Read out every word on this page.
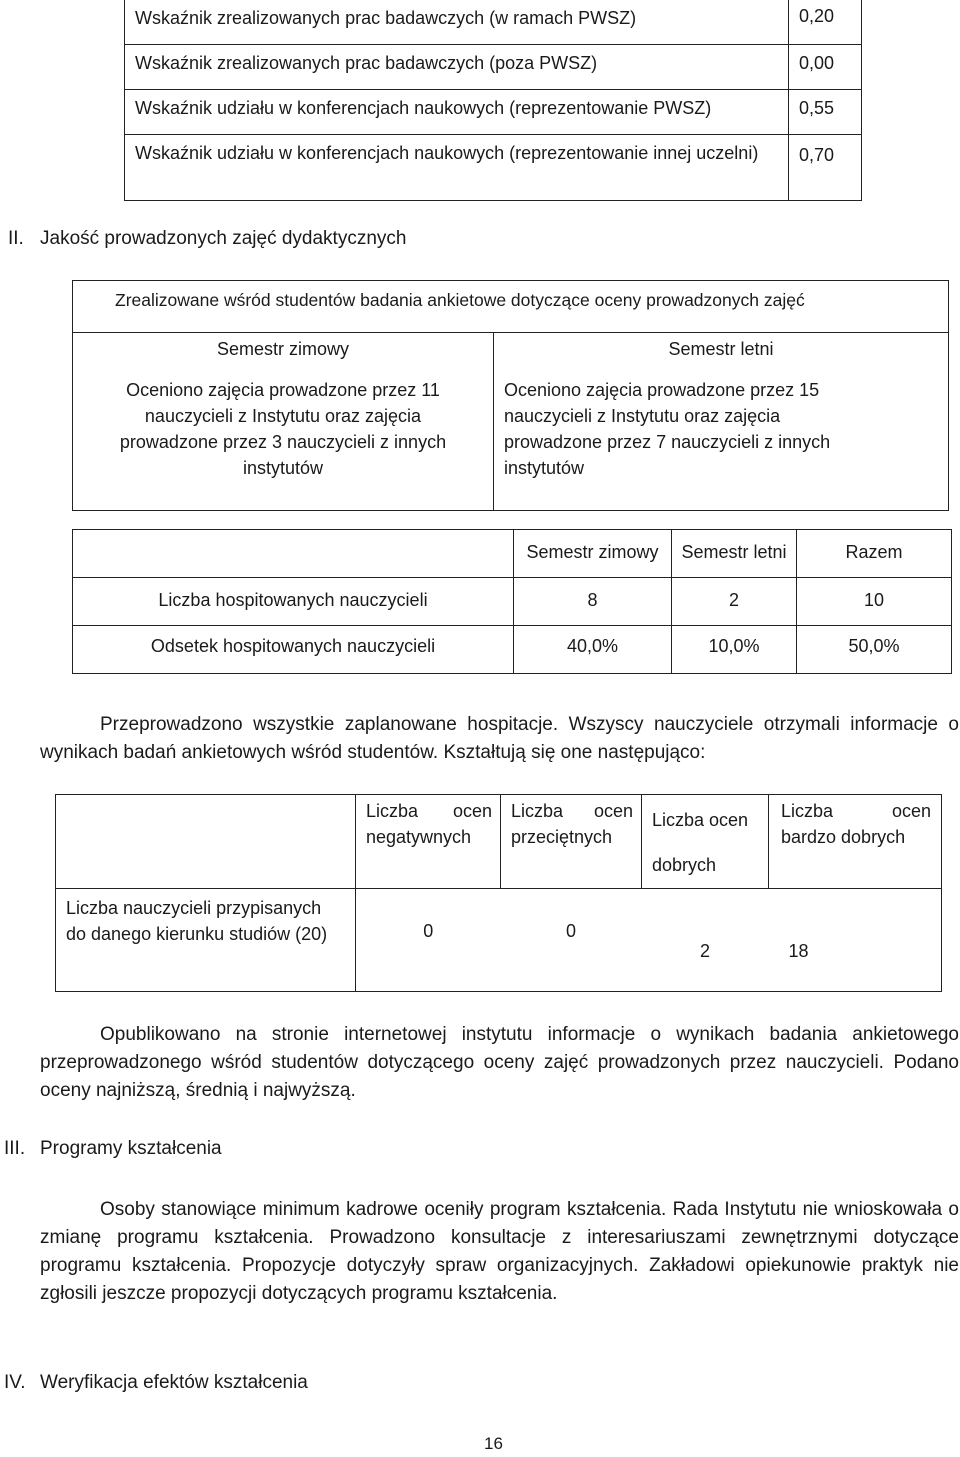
Wskaźnik zrealizowanych prac badawczych (w ramach PWSZ)	0,20
Wskaźnik zrealizowanych prac badawczych (poza PWSZ)	0,00
Wskaźnik udziału w konferencjach naukowych (reprezentowanie PWSZ)	0,55
Wskaźnik udziału w konferencjach naukowych (reprezentowanie innej uczelni)	0,70
II. Jakość prowadzonych zajęć dydaktycznych
Zrealizowane wśród studentów badania ankietowe dotyczące oceny prowadzonych zajęć	
Semestr zimowy	Semestr letni
Oceniono zajęcia prowadzone przez 11 nauczycieli z Instytutu oraz zajęcia prowadzone przez 3 nauczycieli z innych instytutów	Oceniono zajęcia prowadzone przez 15 nauczycieli z Instytutu oraz zajęcia prowadzone przez 7 nauczycieli z innych instytutów
	Semestr zimowy	Semestr letni	Razem
Liczba hospitowanych nauczycieli	8	2	10
Odsetek hospitowanych nauczycieli	40,0%	10,0%	50,0%
Przeprowadzono wszystkie zaplanowane hospitacje. Wszyscy nauczyciele otrzymali informacje o wynikach badań ankietowych wśród studentów. Kształtują się one następująco:
	Liczba ocen negatywnych	Liczba ocen przeciętnych	Liczba ocen dobrych	Liczba ocen bardzo dobrych
Liczba nauczycieli przypisanych do danego kierunku studiów (20)	0	0	2	18
Opublikowano na stronie internetowej instytutu informacje o wynikach badania ankietowego przeprowadzonego wśród studentów dotyczącego oceny zajęć prowadzonych przez nauczycieli. Podano oceny najniższą, średnią i najwyższą.
III. Programy kształcenia
Osoby stanowiące minimum kadrowe oceniły program kształcenia. Rada Instytutu nie wnioskowała o zmianę programu kształcenia. Prowadzono konsultacje z interesariuszami zewnętrznymi dotyczące programu kształcenia. Propozycje dotyczyły spraw organizacyjnych. Zakładowi opiekunowie praktyk nie zgłosili jeszcze propozycji dotyczących programu kształcenia.
IV. Weryfikacja efektów kształcenia
16
